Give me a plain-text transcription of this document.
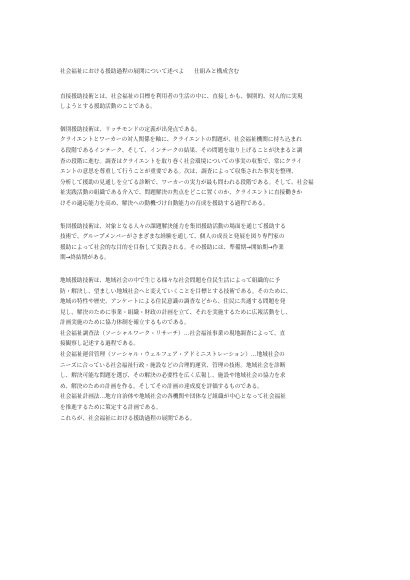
社会福祉における援助過程の展開について述べよ 仕組みと構成含む
直接援助技術とは、社会福祉の目標を利用者の生活の中に、直接しかも、個別的、対人的に実現
しようとする援助活動のことである。
個別援助技術は、リッチモンドの定義が出発点である。
クライエントとワーカーの対人関係を軸に、クライエントの問題が、社会福祉機関に持ち込まれ
る段階であるインテーク、そして、インテークの結果、その問題を取り上げることが決まると調
査の段階に進む。調査はクライエントを取り巻く社会環境についての事実の収集で、常にクライ
エントの意思を尊重して行うことが重要である。次は、調査によって収集された事実を整理、
分析して援助の見通しを立てる診断で、ワーカーの実力が最も問われる段階である。そして、社会福
祉実践活動の組織である介入で、問題解決の焦点をどこに置くのか、クライエントに直接働きか
けその適応能力を高め、解決への動機づけ自動能力の育成を援助する過程である。
集団援助技術は、対象となる人々の課題解決能力を集団援助活動の場面を通じて援助する
技術で、グループメンバーがさまざまな経験を通して、個人の成長と発展を図り専門家の
援助によって社会的な目的を目指して実践される。その援助には、準備期→開始期→作業
期→終結期がある。
地域援助技術は、地域社会の中で生じる様々な社会問題を住民生活によって組織的に予
防・解決し、望ましい地域社会へと変えていくことを目標とする技術である。そのために、
地域の特性や歴史、アンケートによる住民意識の調査などから、住民に共通する問題を発
見し、解決のために事業・組織・財政の計画を立て、それを実施するために広報活動をし、
計画実施のために協力体制を確立するものである。
社会福祉調査法（ソーシャルワーク・リサーチ）…社会福祉事業の現地調査によって、直
接観察し記述する過程である。
社会福祉運営管理（ソーシャル・ウェルフェア・アドミニストレーション）…地域社会の
ニーズに合っている社会福祉行政・施設などの合理的運営、管理の技術。地域社会を診断
し、解決可能な問題を選び、その解決の必要性を広く広報し、施設や地域社会の協力を求
め、解決のための計画を作る。そしてその計画の達成度を評価するものである。
社会福祉計画法…地方自治体や地域社会の各機関や団体など組織が中心となって社会福祉
を推進するために策定する計画である。
これらが、社会福祉における援助過程の展開である。
